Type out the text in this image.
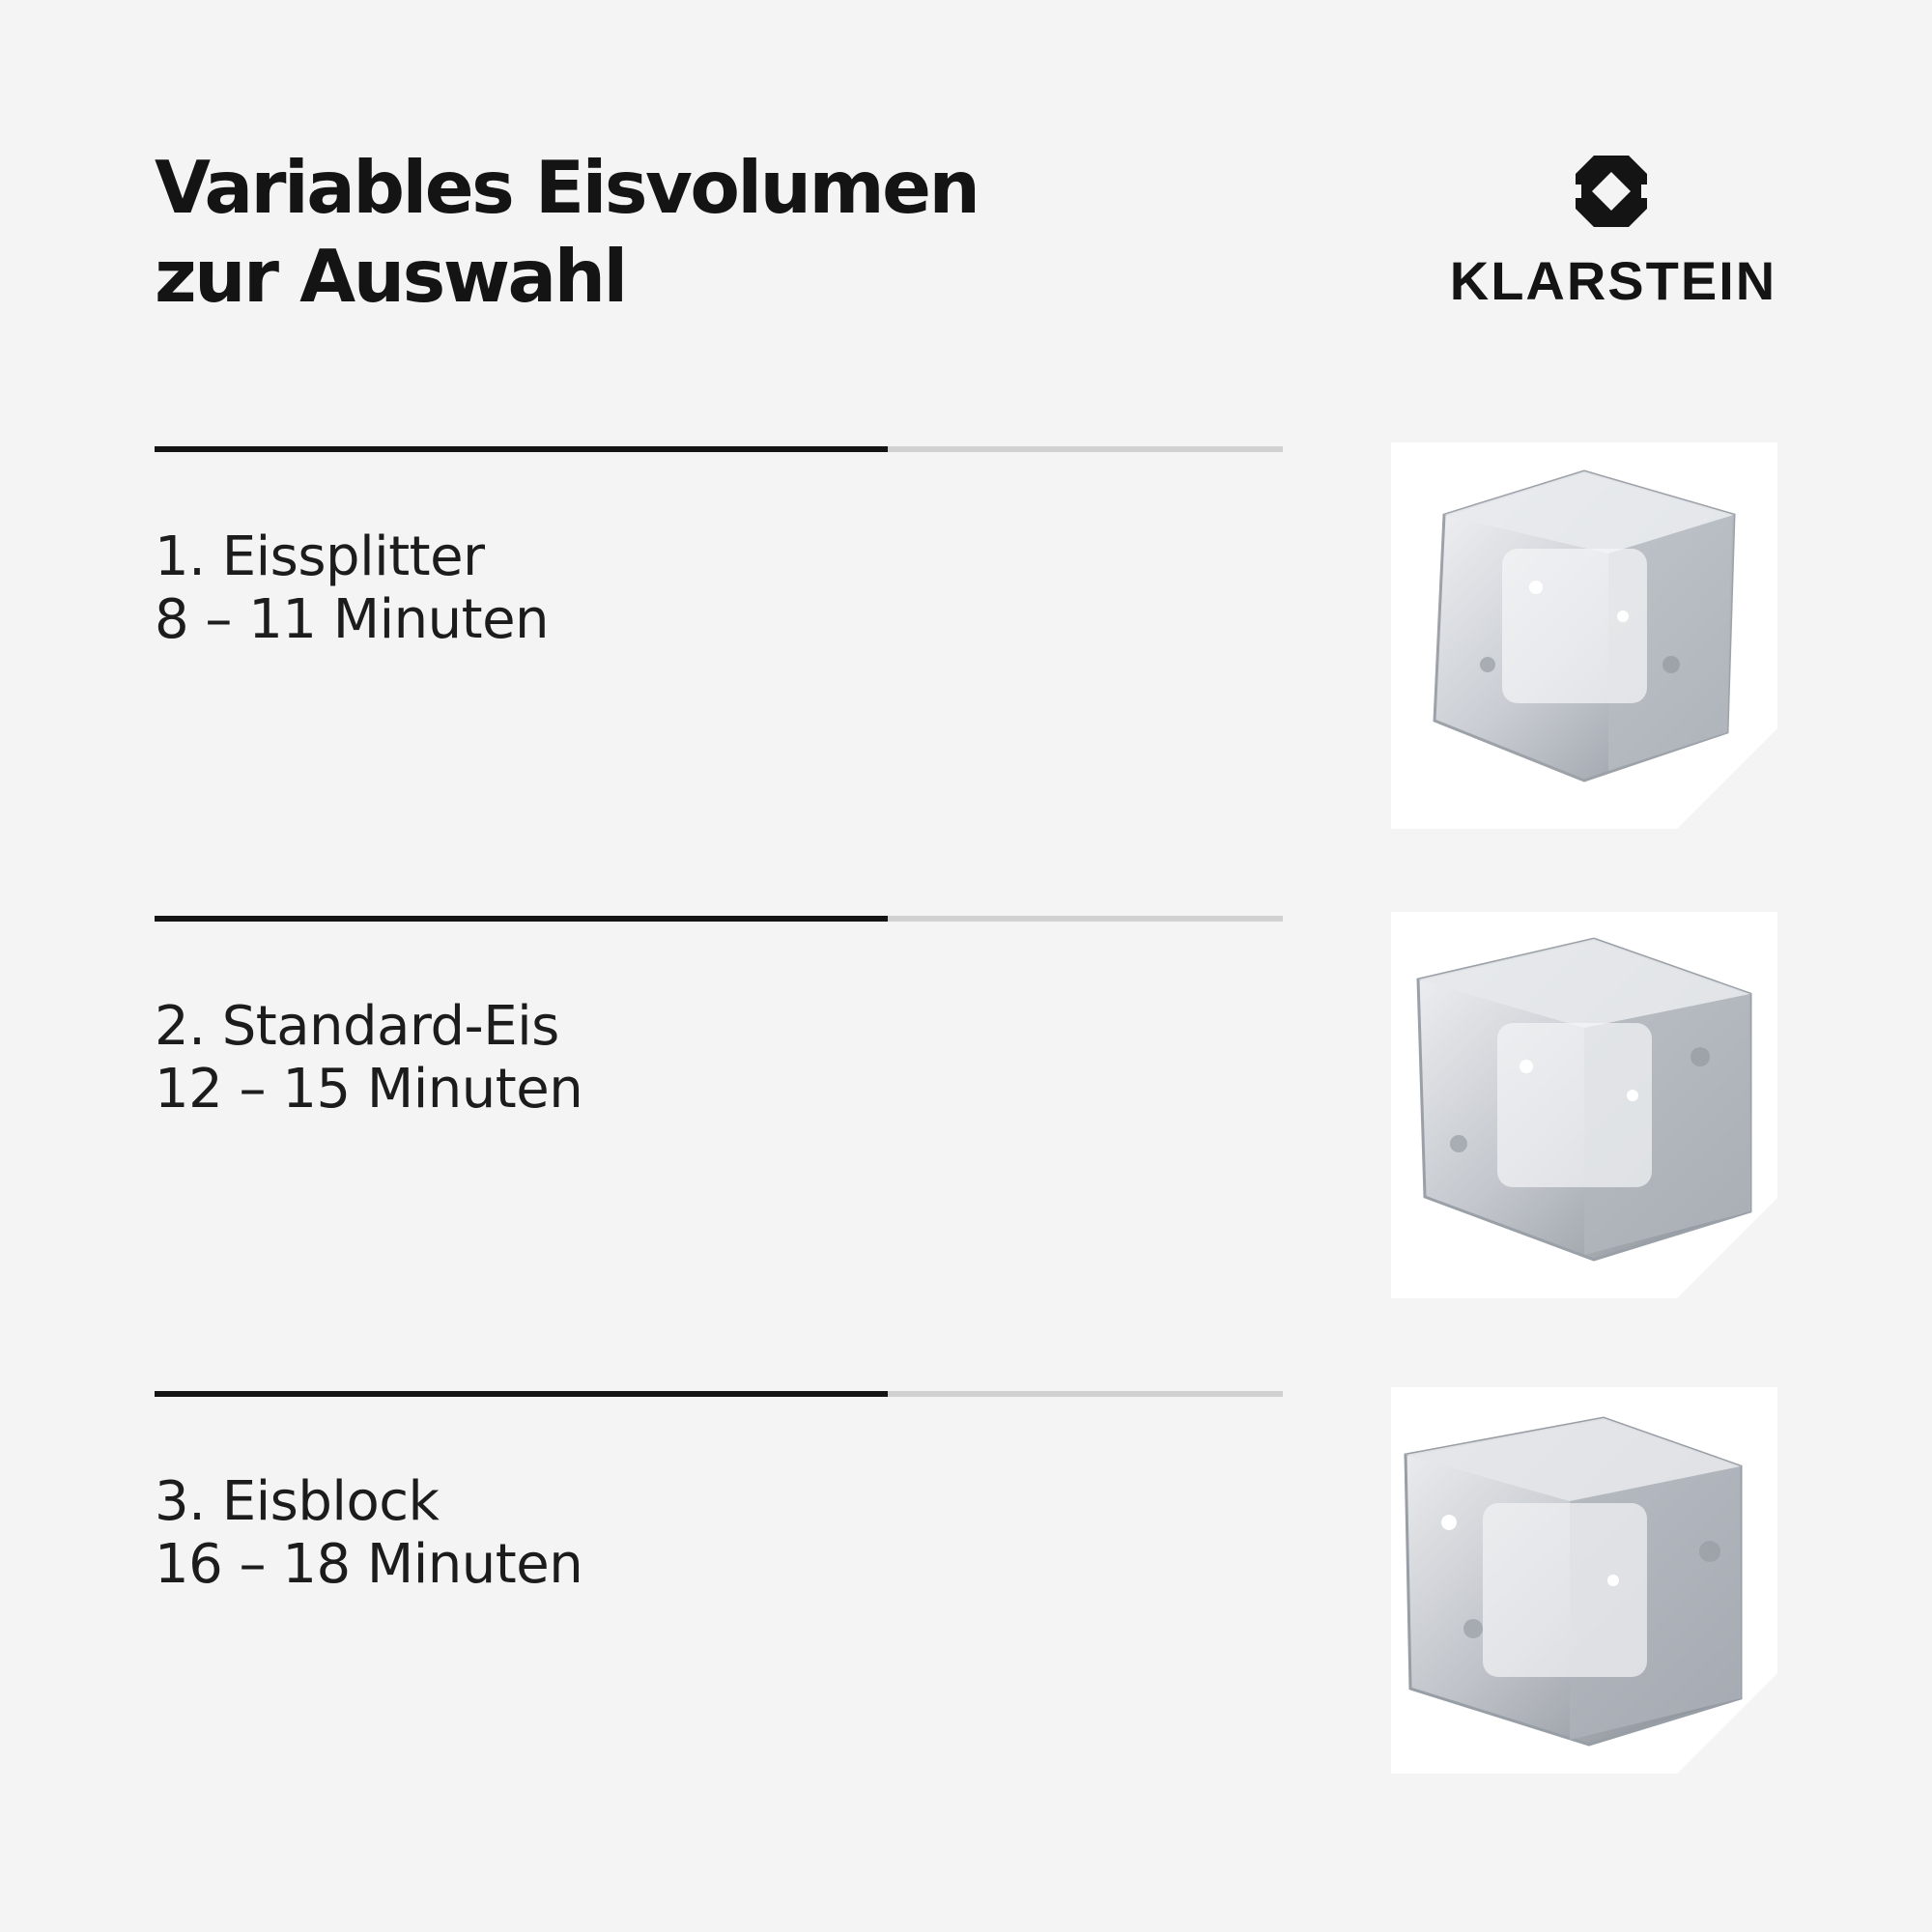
Variables Eisvolumen
zur Auswahl	KLARSTEIN
1. Eissplitter
8 – 11 Minuten
2. Standard-Eis
12 – 15 Minuten
3. Eisblock
16 – 18 Minuten
